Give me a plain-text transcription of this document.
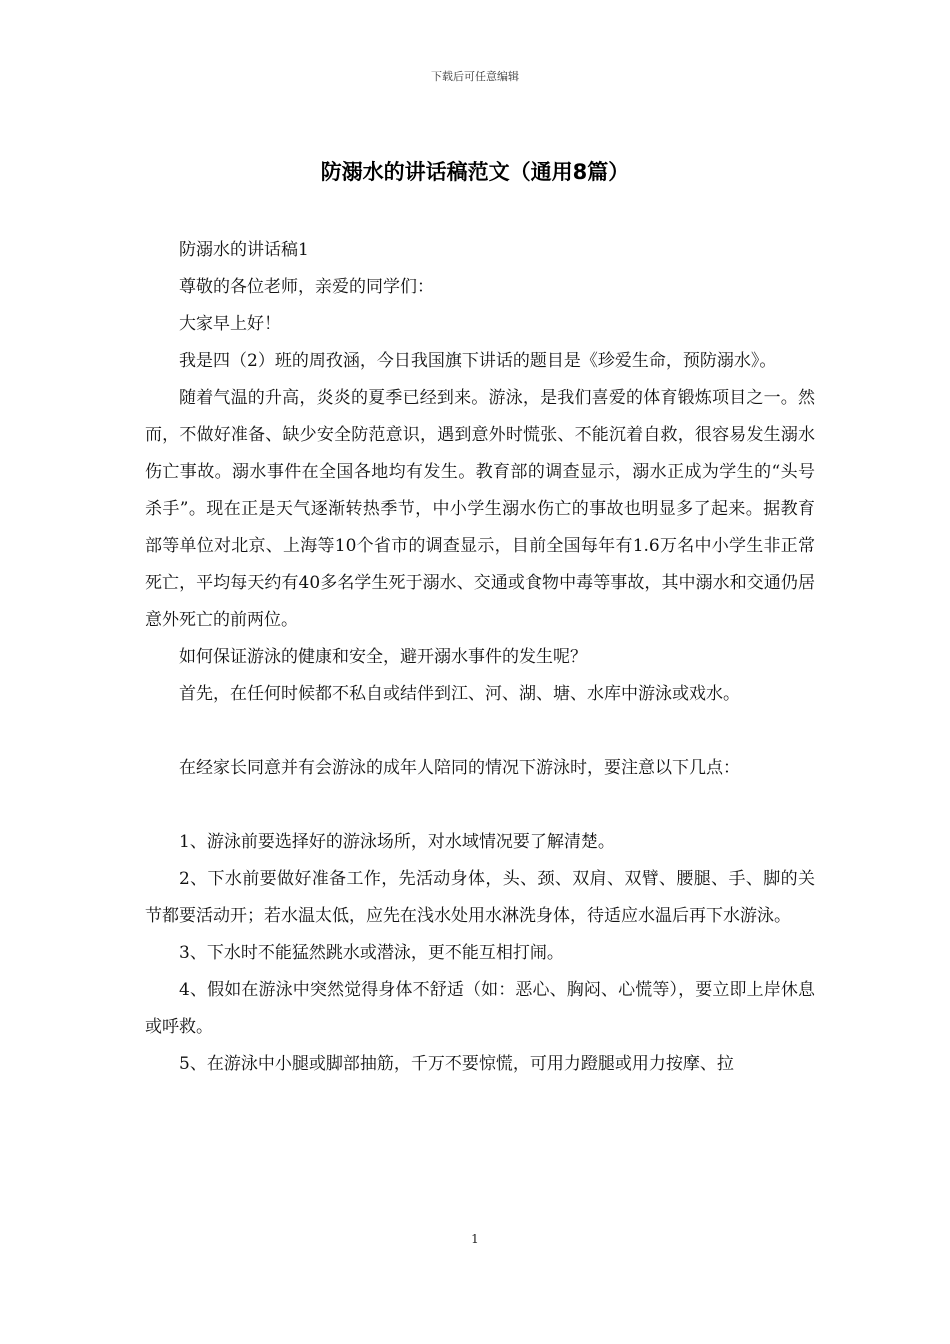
下载后可任意编辑
防溺水的讲话稿范文（通用8篇）

防溺水的讲话稿1

尊敬的各位老师，亲爱的同学们：

大家早上好！

我是四（2）班的周孜涵，今日我国旗下讲话的题目是《珍爱生命，预防溺水》。

随着气温的升高，炎炎的夏季已经到来。游泳，是我们喜爱的体育锻炼项目之一。然而，不做好准备、缺少安全防范意识，遇到意外时慌张、不能沉着自救，很容易发生溺水伤亡事故。溺水事件在全国各地均有发生。教育部的调查显示，溺水正成为学生的“头号杀手”。现在正是天气逐渐转热季节，中小学生溺水伤亡的事故也明显多了起来。据教育部等单位对北京、上海等10个省市的调查显示，目前全国每年有1.6万名中小学生非正常死亡，平均每天约有40多名学生死于溺水、交通或食物中毒等事故，其中溺水和交通仍居意外死亡的前两位。

如何保证游泳的健康和安全，避开溺水事件的发生呢？

首先，在任何时候都不私自或结伴到江、河、湖、塘、水库中游泳或戏水。

在经家长同意并有会游泳的成年人陪同的情况下游泳时，要注意以下几点：

1、游泳前要选择好的游泳场所，对水域情况要了解清楚。

2、下水前要做好准备工作，先活动身体，头、颈、双肩、双臂、腰腿、手、脚的关节都要活动开；若水温太低，应先在浅水处用水淋洗身体，待适应水温后再下水游泳。

3、下水时不能猛然跳水或潜泳，更不能互相打闹。

4、假如在游泳中突然觉得身体不舒适（如：恶心、胸闷、心慌等），要立即上岸休息或呼救。

5、在游泳中小腿或脚部抽筋，千万不要惊慌，可用力蹬腿或用力按摩、拉

1
